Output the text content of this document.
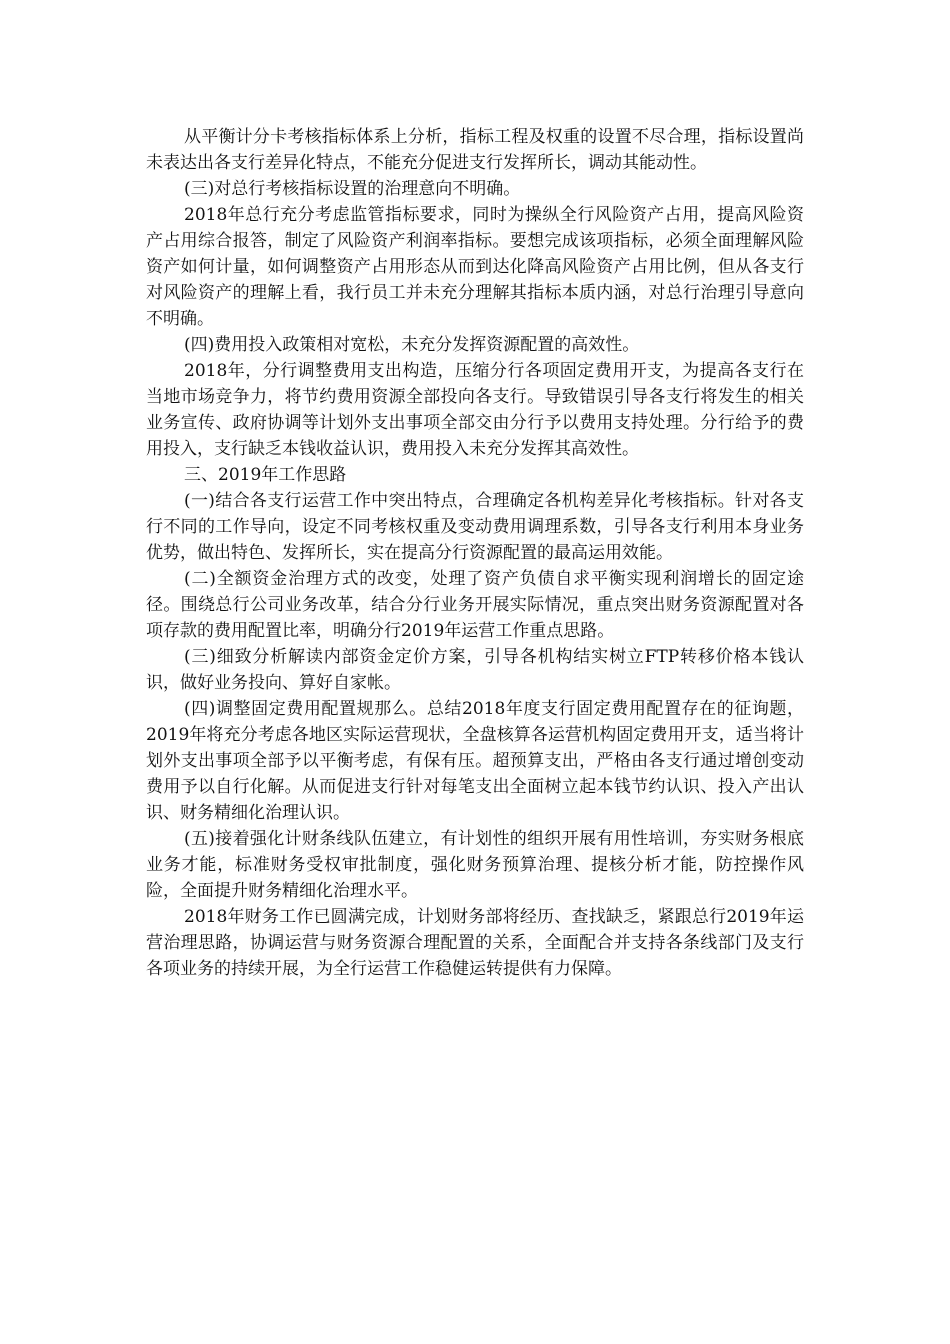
从平衡计分卡考核指标体系上分析，指标工程及权重的设置不尽合理，指标设置尚未表达出各支行差异化特点，不能充分促进支行发挥所长，调动其能动性。

(三)对总行考核指标设置的治理意向不明确。

2018年总行充分考虑监管指标要求，同时为操纵全行风险资产占用，提高风险资产占用综合报答，制定了风险资产利润率指标。要想完成该项指标，必须全面理解风险资产如何计量，如何调整资产占用形态从而到达化降高风险资产占用比例，但从各支行对风险资产的理解上看，我行员工并未充分理解其指标本质内涵，对总行治理引导意向不明确。

(四)费用投入政策相对宽松，未充分发挥资源配置的高效性。

2018年，分行调整费用支出构造，压缩分行各项固定费用开支，为提高各支行在当地市场竞争力，将节约费用资源全部投向各支行。导致错误引导各支行将发生的相关业务宣传、政府协调等计划外支出事项全部交由分行予以费用支持处理。分行给予的费用投入，支行缺乏本钱收益认识，费用投入未充分发挥其高效性。

三、2019年工作思路

(一)结合各支行运营工作中突出特点，合理确定各机构差异化考核指标。针对各支行不同的工作导向，设定不同考核权重及变动费用调理系数，引导各支行利用本身业务优势，做出特色、发挥所长，实在提高分行资源配置的最高运用效能。

(二)全额资金治理方式的改变，处理了资产负债自求平衡实现利润增长的固定途径。围绕总行公司业务改革，结合分行业务开展实际情况，重点突出财务资源配置对各项存款的费用配置比率，明确分行2019年运营工作重点思路。

(三)细致分析解读内部资金定价方案，引导各机构结实树立FTP转移价格本钱认识，做好业务投向、算好自家帐。

(四)调整固定费用配置规那么。总结2018年度支行固定费用配置存在的征询题，2019年将充分考虑各地区实际运营现状，全盘核算各运营机构固定费用开支，适当将计划外支出事项全部予以平衡考虑，有保有压。超预算支出，严格由各支行通过增创变动费用予以自行化解。从而促进支行针对每笔支出全面树立起本钱节约认识、投入产出认识、财务精细化治理认识。

(五)接着强化计财条线队伍建立，有计划性的组织开展有用性培训，夯实财务根底业务才能，标准财务受权审批制度，强化财务预算治理、提核分析才能，防控操作风险，全面提升财务精细化治理水平。

2018年财务工作已圆满完成，计划财务部将经历、查找缺乏，紧跟总行2019年运营治理思路，协调运营与财务资源合理配置的关系，全面配合并支持各条线部门及支行各项业务的持续开展，为全行运营工作稳健运转提供有力保障。
